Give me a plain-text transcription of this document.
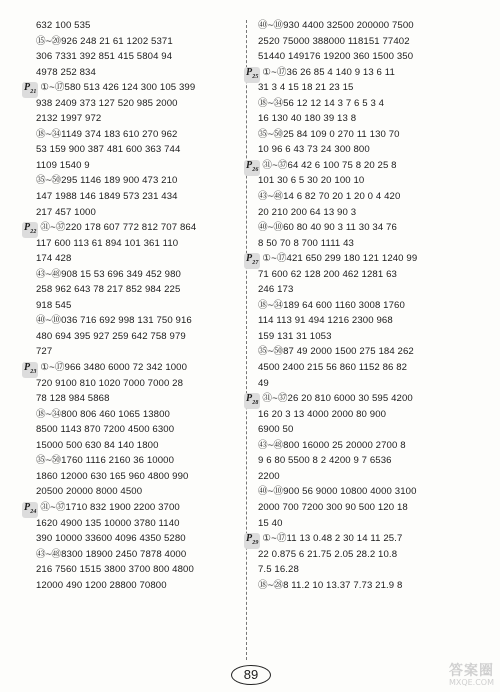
632 100 535
⑮~⑳926 248 21 61 1202 5371
306 7331 392 851 415 5804 94
4978 252 834
$P_{21}$ ①~⑰580 513 426 124 300 105 399
938 2409 373 127 520 985 2000
2132 1997 972
⑱~㉞1149 374 183 610 270 962
53 159 900 387 481 600 363 744
1109 1540 9
㉟~㊿295 1146 189 900 473 210
147 1988 146 1849 573 231 434
217 457 1000
$P_{22}$ ㉛~㊲220 178 607 772 812 707 864
117 600 113 61 894 101 361 110
174 428
㊸~㊽908 15 53 696 349 452 980
258 962 643 78 217 852 984 225
918 545
㊵~⑩036 716 692 998 131 750 916
480 694 395 927 259 642 758 979
727
$P_{23}$ ①~⑰966 3480 6000 72 342 1000
720 9100 810 1020 7000 7000 28
78 128 984 5868
⑱~㉞800 806 460 1065 13800
8500 1143 870 7200 4500 6300
15000 500 630 84 140 1800
㉟~㊿1760 1116 2160 36 10000
1860 12000 630 165 960 4800 990
20500 20000 8000 4500
$P_{24}$ ㉛~㊲1710 832 1900 2200 3700
1620 4900 135 10000 3780 1140
390 10000 33600 4096 4350 5280
㊸~㊽8300 18900 2450 7878 4000
216 7560 1515 3800 3700 800 4800
12000 490 1200 28800 70800
㊵~⑩930 4400 32500 200000 7500
2520 75000 388000 118151 77402
51440 149176 19200 360 1500 350
$P_{25}$ ①~⑰36 26 85 4 140 9 13 6 11
31 3 4 15 18 21 23 15
⑱~㉞56 12 12 14 3 7 6 5 3 4
16 130 40 180 39 13 8
㉟~㊿25 84 109 0 270 11 130 70
10 96 6 43 73 24 300 800
$P_{26}$ ㉛~㊲64 42 6 100 75 8 20 25 8
101 30 6 5 30 20 100 10
㊸~㊽14 6 82 70 20 1 20 0 4 420
20 210 200 64 13 90 3
㊵~⑩60 80 40 90 3 11 30 34 76
8 50 70 8 700 1111 43
$P_{27}$ ①~⑰421 650 299 180 121 1240 99
71 600 62 128 200 462 1281 63
246 173
⑱~㉞189 64 600 1160 3008 1760
114 113 91 494 1216 2300 968
159 131 31 1053
㉟~㊿87 49 2000 1500 275 184 262
4500 2400 215 56 860 1152 86 82
49
$P_{28}$ ㉛~㊲26 20 810 6000 30 595 4200
16 20 3 13 4000 2000 80 900
6900 50
㊸~㊽800 16000 25 20000 2700 8
9 6 80 5500 8 2 4200 9 7 6536
2200
㊵~⑩900 56 9000 10800 4000 3100
2000 700 7200 300 90 500 120 18
15 40
$P_{29}$ ①~⑰11 13 0.48 2 30 14 11 25.7
22 0.875 6 21.75 2.05 28.2 10.8
7.5 16.28
⑱~㉘8 11.2 10 13.37 7.73 21.9 8
89	答案圈
MXQE.COM
